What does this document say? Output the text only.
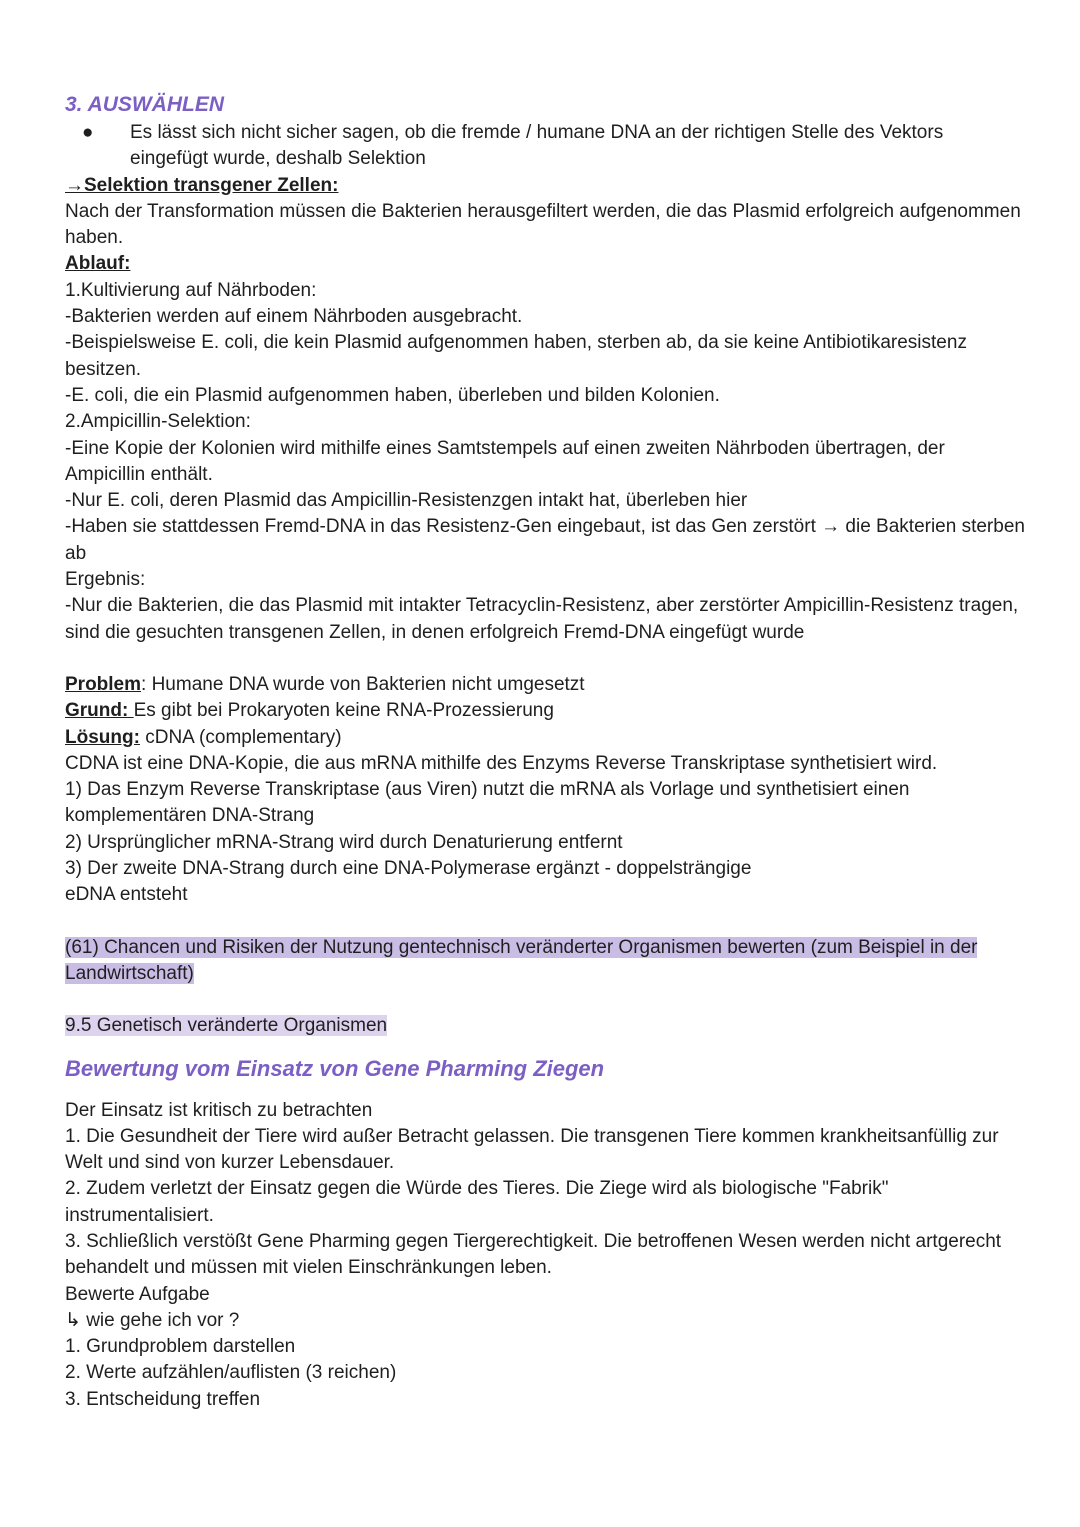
3. AUSWÄHLEN
● Es lässt sich nicht sicher sagen, ob die fremde / humane DNA an der richtigen Stelle des Vektors eingefügt wurde, deshalb Selektion
→Selektion transgener Zellen:
Nach der Transformation müssen die Bakterien herausgefiltert werden, die das Plasmid erfolgreich aufgenommen haben.
Ablauf:
1.Kultivierung auf Nährboden:
-Bakterien werden auf einem Nährboden ausgebracht.
-Beispielsweise E. coli, die kein Plasmid aufgenommen haben, sterben ab, da sie keine Antibiotikaresistenz besitzen.
-E. coli, die ein Plasmid aufgenommen haben, überleben und bilden Kolonien.
2.Ampicillin-Selektion:
-Eine Kopie der Kolonien wird mithilfe eines Samtstempels auf einen zweiten Nährboden übertragen, der Ampicillin enthält.
-Nur E. coli, deren Plasmid das Ampicillin-Resistenzgen intakt hat, überleben hier
-Haben sie stattdessen Fremd-DNA in das Resistenz-Gen eingebaut, ist das Gen zerstört → die Bakterien sterben ab
Ergebnis:
-Nur die Bakterien, die das Plasmid mit intakter Tetracyclin-Resistenz, aber zerstörter Ampicillin-Resistenz tragen, sind die gesuchten transgenen Zellen, in denen erfolgreich Fremd-DNA eingefügt wurde
Problem: Humane DNA wurde von Bakterien nicht umgesetzt
Grund: Es gibt bei Prokaryoten keine RNA-Prozessierung
Lösung: cDNA (complementary)
CDNA ist eine DNA-Kopie, die aus mRNA mithilfe des Enzyms Reverse Transkriptase synthetisiert wird.
1) Das Enzym Reverse Transkriptase (aus Viren) nutzt die mRNA als Vorlage und synthetisiert einen komplementären DNA-Strang
2) Ursprünglicher mRNA-Strang wird durch Denaturierung entfernt
3) Der zweite DNA-Strang durch eine DNA-Polymerase ergänzt - doppelsträngige
eDNA entsteht
(61) Chancen und Risiken der Nutzung gentechnisch veränderter Organismen bewerten (zum Beispiel in der Landwirtschaft)
9.5 Genetisch veränderte Organismen
Bewertung vom Einsatz von Gene Pharming Ziegen
Der Einsatz ist kritisch zu betrachten
1. Die Gesundheit der Tiere wird außer Betracht gelassen. Die transgenen Tiere kommen krankheitsanfüllig zur Welt und sind von kurzer Lebensdauer.
2. Zudem verletzt der Einsatz gegen die Würde des Tieres. Die Ziege wird als biologische "Fabrik" instrumentalisiert.
3. Schließlich verstößt Gene Pharming gegen Tiergerechtigkeit. Die betroffenen Wesen werden nicht artgerecht behandelt und müssen mit vielen Einschränkungen leben.
Bewerte Aufgabe
↳ wie gehe ich vor ?
1. Grundproblem darstellen
2. Werte aufzählen/auflisten (3 reichen)
3. Entscheidung treffen
